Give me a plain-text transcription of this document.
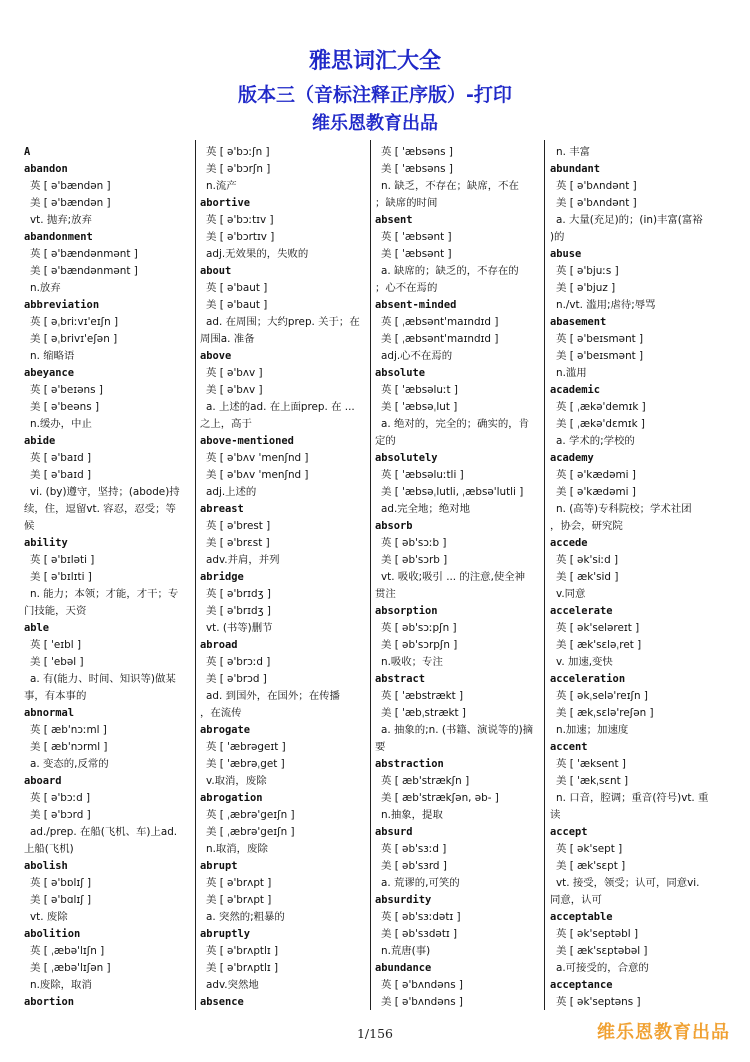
雅思词汇大全
版本三（音标注释正序版）-打印
维乐恩教育出品
A
abandon
英 [ ə'bændən ]
美 [ ə'bændən ]
vt. 抛弃;放弃
abandonment
英 [ ə'bændənmənt ]
美 [ ə'bændənmənt ]
n.放弃
abbreviation
英 [ əˌbriːvɪ'eɪʃn ]
美 [ əˌbrivɪ'eʃən ]
n. 缩略语
abeyance
英 [ ə'beɪəns ]
美 [ ə'beəns ]
n.缓办，中止
abide
英 [ ə'baɪd ]
美 [ ə'baɪd ]
vi. (by)遵守，坚持；(abode)持
续，住，逗留vt. 容忍，忍受；等
候
ability
英 [ ə'bɪləti ]
美 [ ə'bɪlɪti ]
n. 能力；本领；才能，才干；专
门技能，天资
able
英 [ 'eɪbl ]
美 [ 'ebəl ]
a. 有(能力、时间、知识等)做某
事，有本事的
abnormal
英 [ æb'nɔːml ]
美 [ æb'nɔrml ]
a. 变态的,反常的
aboard
英 [ ə'bɔːd ]
美 [ ə'bɔrd ]
ad./prep. 在船(飞机、车)上ad.
上船(飞机)
abolish
英 [ ə'bɒlɪʃ ]
美 [ ə'bɑlɪʃ ]
vt. 废除
abolition
英 [ ˌæbə'lɪʃn ]
美 [ ˌæbə'lɪʃən ]
n.废除，取消
abortion
英 [ ə'bɔːʃn ]
美 [ ə'bɔrʃn ]
n.流产
abortive
英 [ ə'bɔːtɪv ]
美 [ ə'bɔrtɪv ]
adj.无效果的，失败的
about
英 [ ə'baut ]
美 [ ə'baut ]
ad. 在周围；大约prep. 关于；在
周围a. 准备
above
英 [ ə'bʌv ]
美 [ ə'bʌv ]
a. 上述的ad. 在上面prep. 在 ...
之上，高于
above-mentioned
英 [ ə'bʌv 'menʃnd ]
美 [ ə'bʌv 'menʃnd ]
adj.上述的
abreast
英 [ ə'brest ]
美 [ ə'brɛst ]
adv.并肩，并列
abridge
英 [ ə'brɪdʒ ]
美 [ ə'brɪdʒ ]
vt. (书等)删节
abroad
英 [ ə'brɔːd ]
美 [ ə'brɔd ]
ad. 到国外，在国外；在传播
，在流传
abrogate
英 [ 'æbrəgeɪt ]
美 [ 'æbrəˌget ]
v.取消，废除
abrogation
英 [ ˌæbrə'geɪʃn ]
美 [ ˌæbrə'geɪʃn ]
n.取消，废除
abrupt
英 [ ə'brʌpt ]
美 [ ə'brʌpt ]
a. 突然的;粗暴的
abruptly
英 [ ə'brʌptlɪ ]
美 [ ə'brʌptlɪ ]
adv.突然地
absence
英 [ 'æbsəns ]
美 [ 'æbsəns ]
n. 缺乏，不存在；缺席，不在
；缺席的时间
absent
英 [ 'æbsənt ]
美 [ 'æbsənt ]
a. 缺席的；缺乏的，不存在的
；心不在焉的
absent-minded
英 [ ˌæbsənt'maɪndɪd ]
美 [ ˌæbsənt'maɪndɪd ]
adj.心不在焉的
absolute
英 [ 'æbsəluːt ]
美 [ 'æbsəˌlut ]
a. 绝对的，完全的；确实的，肯
定的
absolutely
英 [ 'æbsəluːtli ]
美 [ 'æbsəˌlutli, ˌæbsə'lutli ]
ad.完全地；绝对地
absorb
英 [ əb'sɔːb ]
美 [ əb'sɔrb ]
vt. 吸收;吸引 ... 的注意,使全神
贯注
absorption
英 [ əb'sɔːpʃn ]
美 [ əb'sɔrpʃn ]
n.吸收；专注
abstract
英 [ 'æbstrækt ]
美 [ 'æbˌstrækt ]
a. 抽象的;n. (书籍、演说等的)摘
要
abstraction
英 [ æb'strækʃn ]
美 [ æb'strækʃən, əb- ]
n.抽象，提取
absurd
英 [ əb'sɜːd ]
美 [ əb'sɜrd ]
a. 荒谬的,可笑的
absurdity
英 [ əb'sɜːdətɪ ]
美 [ əb'sɜdətɪ ]
n.荒唐(事)
abundance
英 [ ə'bʌndəns ]
美 [ ə'bʌndəns ]
n. 丰富
abundant
英 [ ə'bʌndənt ]
美 [ ə'bʌndənt ]
a. 大量(充足)的；(in)丰富(富裕
)的
abuse
英 [ ə'bjuːs ]
美 [ ə'bjuz ]
n./vt. 滥用;虐待;辱骂
abasement
英 [ ə'beɪsmənt ]
美 [ ə'beɪsmənt ]
n.滥用
academic
英 [ ˌækə'demɪk ]
美 [ ˌækə'dɛmɪk ]
a. 学术的;学校的
academy
英 [ ə'kædəmi ]
美 [ ə'kædəmi ]
n. (高等)专科院校；学术社团
，协会，研究院
accede
英 [ ək'siːd ]
美 [ æk'sid ]
v.同意
accelerate
英 [ ək'seləreɪt ]
美 [ æk'sɛləˌret ]
v. 加速,变快
acceleration
英 [ əkˌselə'reɪʃn ]
美 [ ækˌsɛlə'reʃən ]
n.加速；加速度
accent
英 [ 'æksent ]
美 [ 'ækˌsɛnt ]
n. 口音，腔调；重音(符号)vt. 重
读
accept
英 [ ək'sept ]
美 [ æk'sɛpt ]
vt. 接受，领受；认可，同意vi.
同意，认可
acceptable
英 [ ək'septəbl ]
美 [ æk'sɛptəbəl ]
a.可接受的，合意的
acceptance
英 [ ək'septəns ]
1/156	维乐恩教育出品
